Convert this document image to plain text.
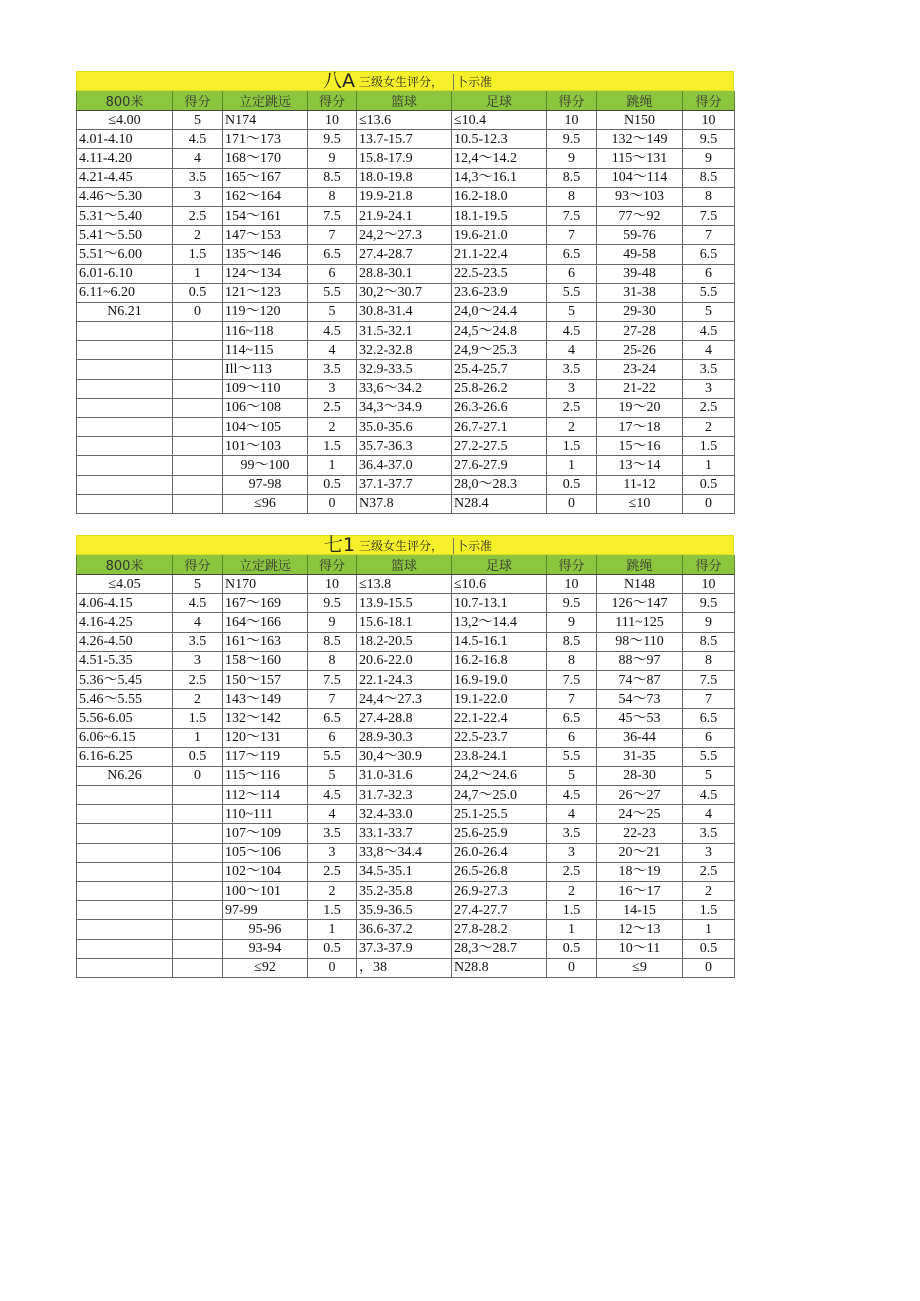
八A 三级女生评分， 卜示准
800米	得分	立定跳远	得分	篮球	足球	得分	跳绳	得分
≤4.00	5	N174	10	≤13.6	≤10.4	10	N150	10
4.01-4.10	4.5	171～173	9.5	13.7-15.7	10.5-12.3	9.5	132～149	9.5
4.11-4.20	4	168～170	9	15.8-17.9	12,4～14.2	9	115～131	9
4.21-4.45	3.5	165～167	8.5	18.0-19.8	14,3～16.1	8.5	104～114	8.5
4.46～5.30	3	162～164	8	19.9-21.8	16.2-18.0	8	93～103	8
5.31～5.40	2.5	154～161	7.5	21.9-24.1	18.1-19.5	7.5	77～92	7.5
5.41～5.50	2	147～153	7	24,2～27.3	19.6-21.0	7	59-76	7
5.51～6.00	1.5	135～146	6.5	27.4-28.7	21.1-22.4	6.5	49-58	6.5
6.01-6.10	1	124～134	6	28.8-30.1	22.5-23.5	6	39-48	6
6.11~6.20	0.5	121～123	5.5	30,2～30.7	23.6-23.9	5.5	31-38	5.5
N6.21	0	119～120	5	30.8-31.4	24,0～24.4	5	29-30	5
		116~118	4.5	31.5-32.1	24,5～24.8	4.5	27-28	4.5
		114~115	4	32.2-32.8	24,9～25.3	4	25-26	4
		Ill～113	3.5	32.9-33.5	25.4-25.7	3.5	23-24	3.5
		109～110	3	33,6～34.2	25.8-26.2	3	21-22	3
		106～108	2.5	34,3～34.9	26.3-26.6	2.5	19～20	2.5
		104～105	2	35.0-35.6	26.7-27.1	2	17～18	2
		101～103	1.5	35.7-36.3	27.2-27.5	1.5	15～16	1.5
		99～100	1	36.4-37.0	27.6-27.9	1	13～14	1
		97-98	0.5	37.1-37.7	28,0～28.3	0.5	11-12	0.5
		≤96	0	N37.8	N28.4	0	≤10	0
七1 三级女生评分， 卜示准
800米	得分	立定跳远	得分	篮球	足球	得分	跳绳	得分
≤4.05	5	N170	10	≤13.8	≤10.6	10	N148	10
4.06-4.15	4.5	167～169	9.5	13.9-15.5	10.7-13.1	9.5	126～147	9.5
4.16-4.25	4	164～166	9	15.6-18.1	13,2～14.4	9	111~125	9
4.26-4.50	3.5	161～163	8.5	18.2-20.5	14.5-16.1	8.5	98～110	8.5
4.51-5.35	3	158～160	8	20.6-22.0	16.2-16.8	8	88～97	8
5.36～5.45	2.5	150～157	7.5	22.1-24.3	16.9-19.0	7.5	74～87	7.5
5.46～5.55	2	143～149	7	24,4～27.3	19.1-22.0	7	54～73	7
5.56-6.05	1.5	132～142	6.5	27.4-28.8	22.1-22.4	6.5	45～53	6.5
6.06~6.15	1	120～131	6	28.9-30.3	22.5-23.7	6	36-44	6
6.16-6.25	0.5	117～119	5.5	30,4～30.9	23.8-24.1	5.5	31-35	5.5
N6.26	0	115～116	5	31.0-31.6	24,2～24.6	5	28-30	5
		112～114	4.5	31.7-32.3	24,7～25.0	4.5	26～27	4.5
		110~111	4	32.4-33.0	25.1-25.5	4	24～25	4
		107～109	3.5	33.1-33.7	25.6-25.9	3.5	22-23	3.5
		105～106	3	33,8～34.4	26.0-26.4	3	20～21	3
		102～104	2.5	34.5-35.1	26.5-26.8	2.5	18～19	2.5
		100～101	2	35.2-35.8	26.9-27.3	2	16～17	2
		97-99	1.5	35.9-36.5	27.4-27.7	1.5	14-15	1.5
		95-96	1	36.6-37.2	27.8-28.2	1	12～13	1
		93-94	0.5	37.3-37.9	28,3～28.7	0.5	10～11	0.5
		≤92	0	，38	N28.8	0	≤9	0
